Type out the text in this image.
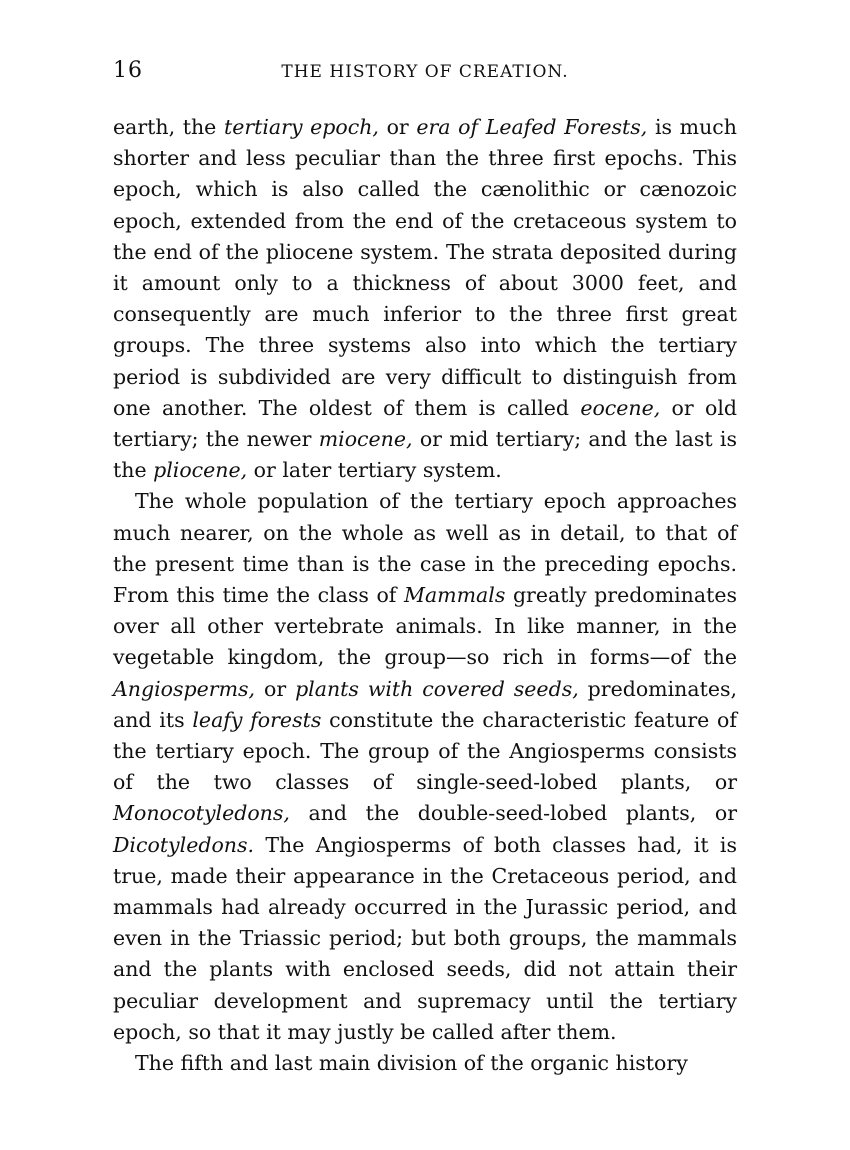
16	THE HISTORY OF CREATION.

earth, the tertiary epoch, or era of Leafed Forests, is much shorter and less peculiar than the three first epochs. This epoch, which is also called the cænolithic or cænozoic epoch, extended from the end of the cretaceous system to the end of the pliocene system. The strata deposited during it amount only to a thickness of about 3000 feet, and consequently are much inferior to the three first great groups. The three systems also into which the tertiary period is subdivided are very difficult to distinguish from one another. The oldest of them is called eocene, or old tertiary; the newer miocene, or mid tertiary; and the last is the pliocene, or later tertiary system.

The whole population of the tertiary epoch approaches much nearer, on the whole as well as in detail, to that of the present time than is the case in the preceding epochs. From this time the class of Mammals greatly predominates over all other vertebrate animals. In like manner, in the vegetable kingdom, the group—so rich in forms—of the Angiosperms, or plants with covered seeds, predominates, and its leafy forests constitute the characteristic feature of the tertiary epoch. The group of the Angiosperms consists of the two classes of single-seed-lobed plants, or Monocotyledons, and the double-seed-lobed plants, or Dicotyledons. The Angiosperms of both classes had, it is true, made their appearance in the Cretaceous period, and mammals had already occurred in the Jurassic period, and even in the Triassic period; but both groups, the mammals and the plants with enclosed seeds, did not attain their peculiar development and supremacy until the tertiary epoch, so that it may justly be called after them.

The fifth and last main division of the organic history
